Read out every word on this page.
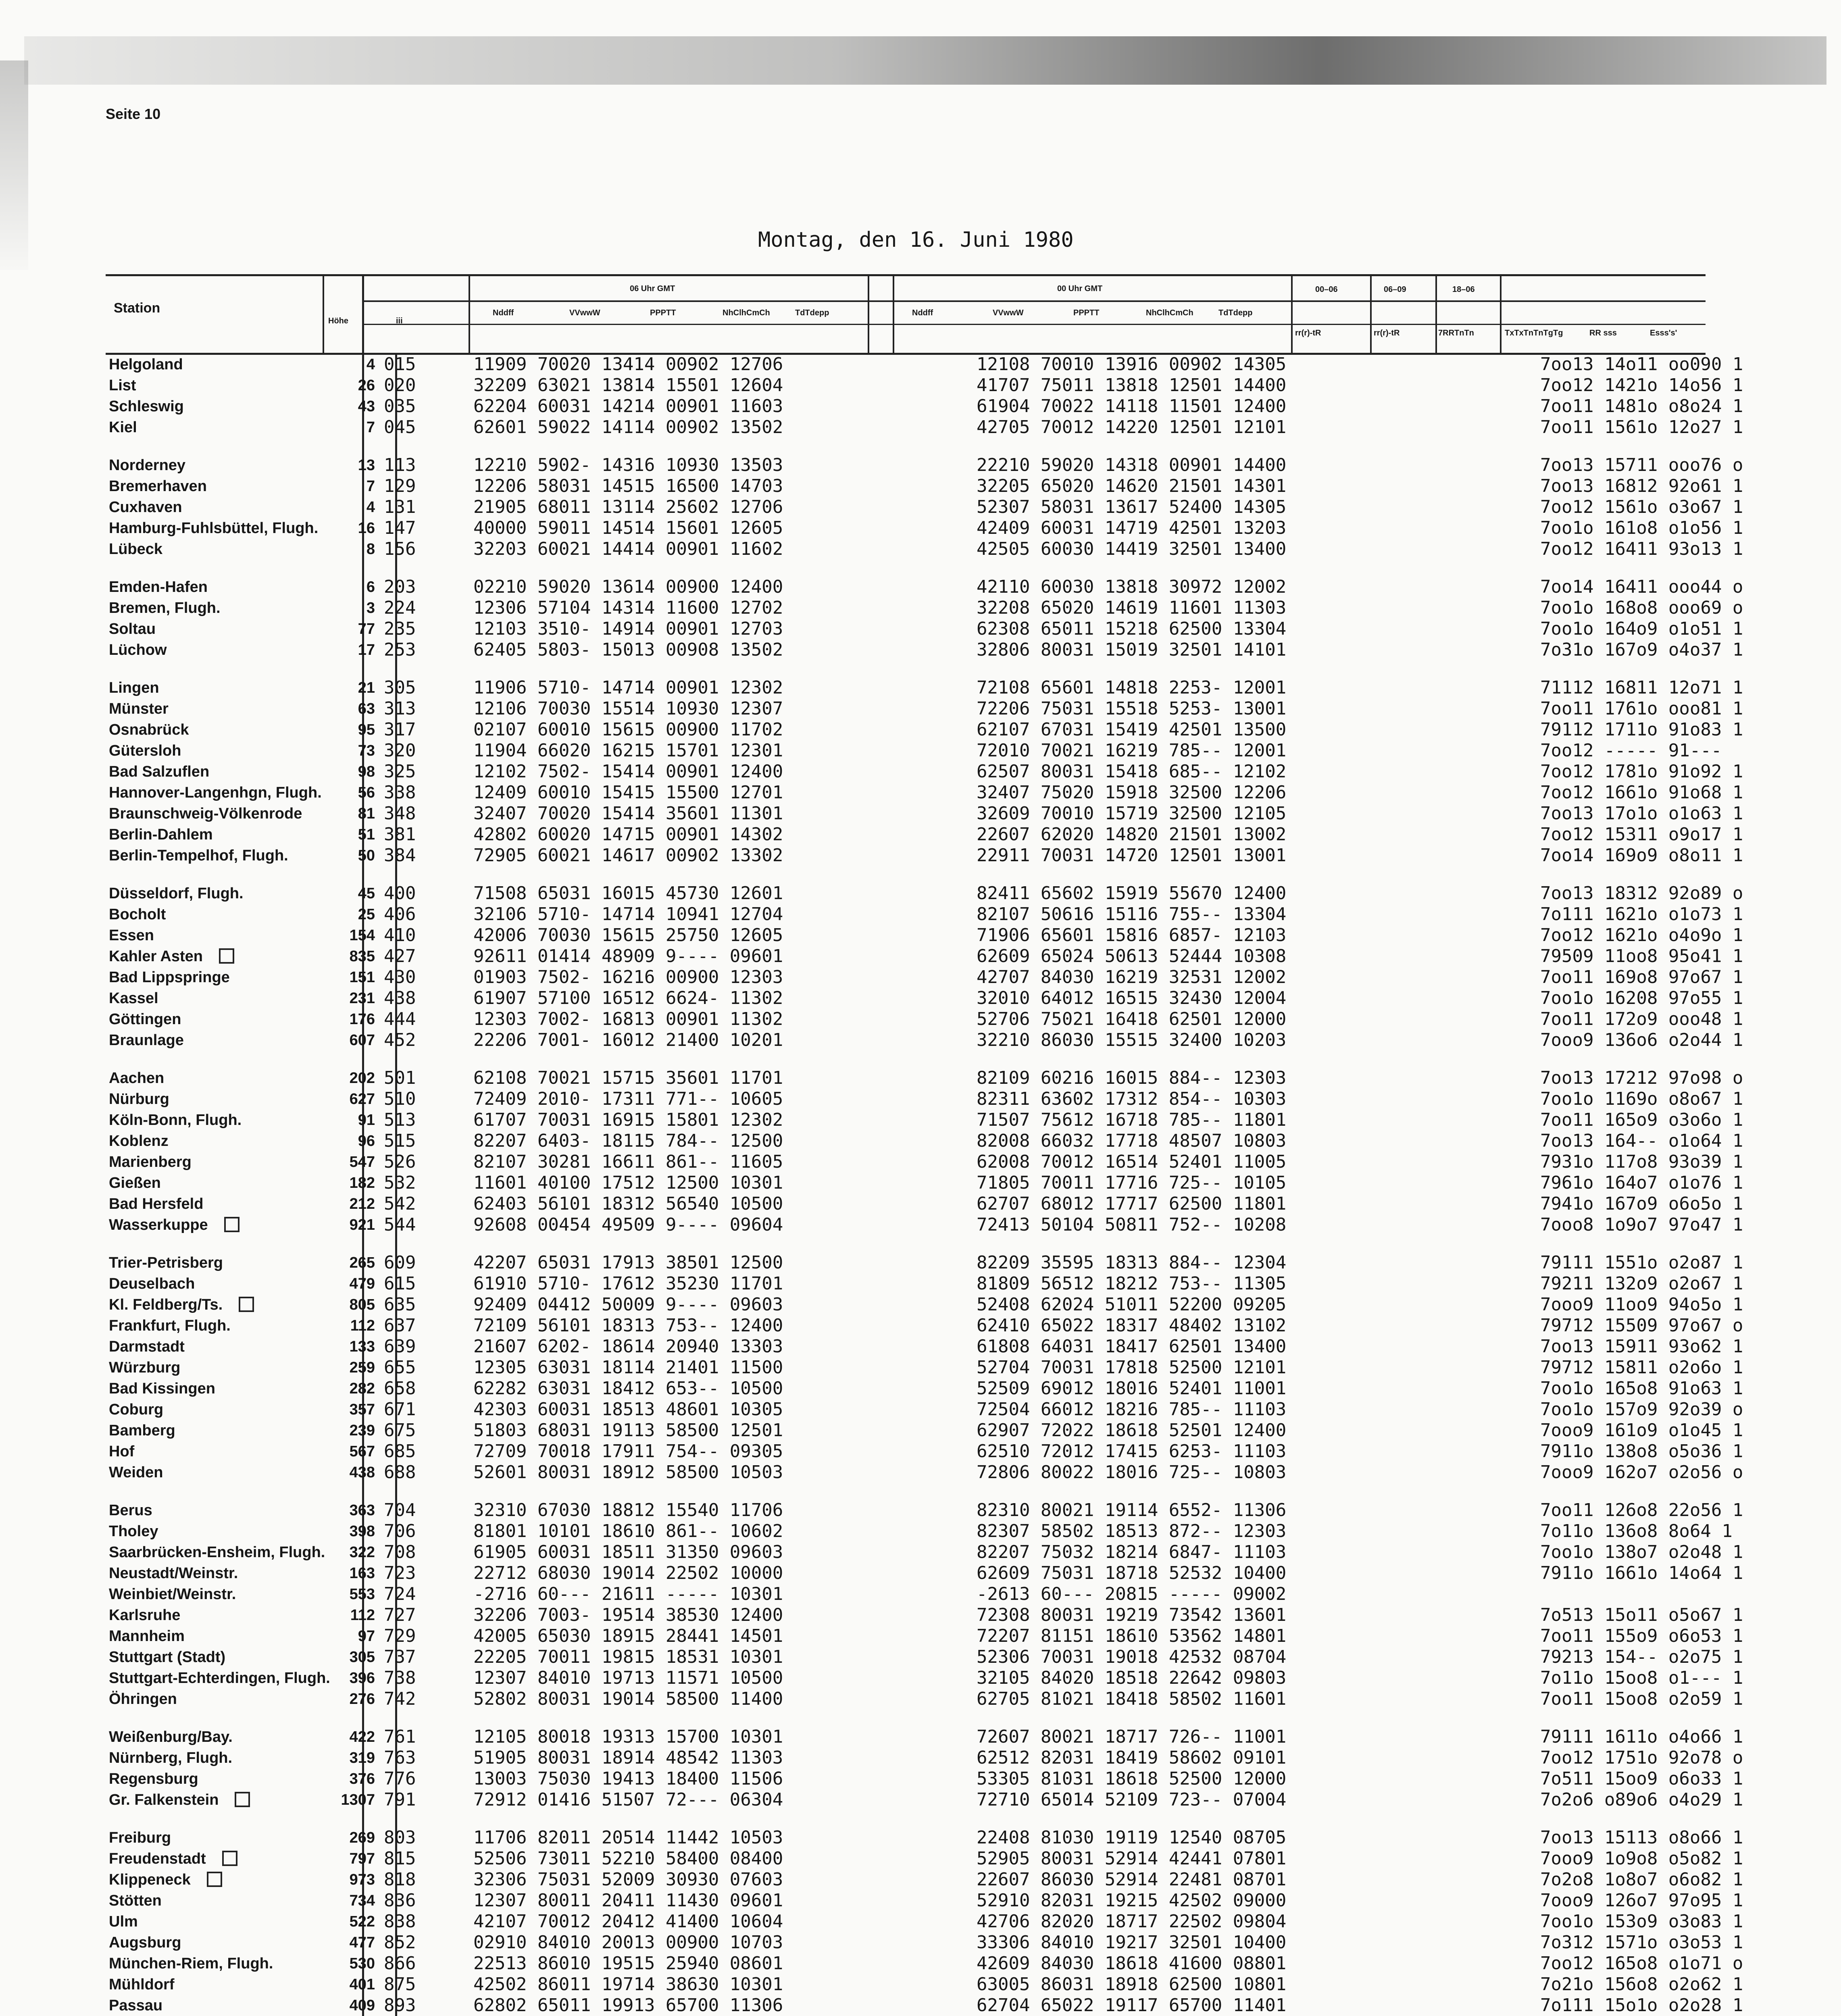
Seite 10
Montag, den 16. Juni 1980
Station
Höhe	iii
06 Uhr GMT	00 Uhr GMT
Nddff	VVwwW	PPPTT	NhClhCmCh	TdTdepp	Nddff	VVwwW	PPPTT	NhClhCmCh	TdTdepp
00–06	06–09	18–06
rr(r)-tR	rr(r)-tR	7RRTnTn	TxTxTnTnTgTg	RR sss	Esss's'
Helgoland	4 015	11909 70020 13414 00902 12706	12108 70010 13916 00902 14305	7oo13 14o11 oo090 1
List	26 020	32209 63021 13814 15501 12604	41707 75011 13818 12501 14400	7oo12 1421o 14o56 1
Schleswig	43 035	62204 60031 14214 00901 11603	61904 70022 14118 11501 12400	7oo11 1481o o8o24 1
Kiel	7 045	62601 59022 14114 00902 13502	42705 70012 14220 12501 12101	7oo11 1561o 12o27 1
Norderney	13 113	12210 5902- 14316 10930 13503	22210 59020 14318 00901 14400	7oo13 15711 ooo76 o
Bremerhaven	7 129	12206 58031 14515 16500 14703	32205 65020 14620 21501 14301	7oo13 16812 92o61 1
Cuxhaven	4 131	21905 68011 13114 25602 12706	52307 58031 13617 52400 14305	7oo12 1561o o3o67 1
Hamburg-Fuhlsbüttel, Flugh.	16 147	40000 59011 14514 15601 12605	42409 60031 14719 42501 13203	7oo1o 161o8 o1o56 1
Lübeck	8 156	32203 60021 14414 00901 11602	42505 60030 14419 32501 13400	7oo12 16411 93o13 1
Emden-Hafen	6 203	02210 59020 13614 00900 12400	42110 60030 13818 30972 12002	7oo14 16411 ooo44 o
Bremen, Flugh.	3 224	12306 57104 14314 11600 12702	32208 65020 14619 11601 11303	7oo1o 168o8 ooo69 o
Soltau	77 235	12103 3510- 14914 00901 12703	62308 65011 15218 62500 13304	7oo1o 164o9 o1o51 1
Lüchow	17 253	62405 5803- 15013 00908 13502	32806 80031 15019 32501 14101	7o31o 167o9 o4o37 1
Lingen	21 305	11906 5710- 14714 00901 12302	72108 65601 14818 2253- 12001	71112 16811 12o71 1
Münster	63 313	12106 70030 15514 10930 12307	72206 75031 15518 5253- 13001	7oo11 1761o ooo81 1
Osnabrück	95 317	02107 60010 15615 00900 11702	62107 67031 15419 42501 13500	79112 1711o 91o83 1
Gütersloh	73 320	11904 66020 16215 15701 12301	72010 70021 16219 785-- 12001	7oo12 ----- 91---
Bad Salzuflen	98 325	12102 7502- 15414 00901 12400	62507 80031 15418 685-- 12102	7oo12 1781o 91o92 1
Hannover-Langenhgn, Flugh.	56 338	12409 60010 15415 15500 12701	32407 75020 15918 32500 12206	7oo12 1661o 91o68 1
Braunschweig-Völkenrode	81 348	32407 70020 15414 35601 11301	32609 70010 15719 32500 12105	7oo13 17o1o o1o63 1
Berlin-Dahlem	51 381	42802 60020 14715 00901 14302	22607 62020 14820 21501 13002	7oo12 15311 o9o17 1
Berlin-Tempelhof, Flugh.	50 384	72905 60021 14617 00902 13302	22911 70031 14720 12501 13001	7oo14 169o9 o8o11 1
Düsseldorf, Flugh.	45 400	71508 65031 16015 45730 12601	82411 65602 15919 55670 12400	7oo13 18312 92o89 o
Bocholt	25 406	32106 5710- 14714 10941 12704	82107 50616 15116 755-- 13304	7o111 1621o o1o73 1
Essen	154 410	42006 70030 15615 25750 12605	71906 65601 15816 6857- 12103	7oo12 1621o o4o9o 1
Kahler Asten	835 427	92611 01414 48909 9---- 09601	62609 65024 50613 52444 10308	79509 11oo8 95o41 1
Bad Lippspringe	151 430	01903 7502- 16216 00900 12303	42707 84030 16219 32531 12002	7oo11 169o8 97o67 1
Kassel	231 438	61907 57100 16512 6624- 11302	32010 64012 16515 32430 12004	7oo1o 16208 97o55 1
Göttingen	176 444	12303 7002- 16813 00901 11302	52706 75021 16418 62501 12000	7oo11 172o9 ooo48 1
Braunlage	607 452	22206 7001- 16012 21400 10201	32210 86030 15515 32400 10203	7ooo9 136o6 o2o44 1
Aachen	202 501	62108 70021 15715 35601 11701	82109 60216 16015 884-- 12303	7oo13 17212 97o98 o
Nürburg	627 510	72409 2010- 17311 771-- 10605	82311 63602 17312 854-- 10303	7oo1o 1169o o8o67 1
Köln-Bonn, Flugh.	91 513	61707 70031 16915 15801 12302	71507 75612 16718 785-- 11801	7oo11 165o9 o3o6o 1
Koblenz	96 515	82207 6403- 18115 784-- 12500	82008 66032 17718 48507 10803	7oo13 164-- o1o64 1
Marienberg	547 526	82107 30281 16611 861-- 11605	62008 70012 16514 52401 11005	7931o 117o8 93o39 1
Gießen	182 532	11601 40100 17512 12500 10301	71805 70011 17716 725-- 10105	7961o 164o7 o1o76 1
Bad Hersfeld	212 542	62403 56101 18312 56540 10500	62707 68012 17717 62500 11801	7941o 167o9 o6o5o 1
Wasserkuppe	921 544	92608 00454 49509 9---- 09604	72413 50104 50811 752-- 10208	7ooo8 1o9o7 97o47 1
Trier-Petrisberg	265 609	42207 65031 17913 38501 12500	82209 35595 18313 884-- 12304	79111 1551o o2o87 1
Deuselbach	479 615	61910 5710- 17612 35230 11701	81809 56512 18212 753-- 11305	79211 132o9 o2o67 1
Kl. Feldberg/Ts.	805 635	92409 04412 50009 9---- 09603	52408 62024 51011 52200 09205	7ooo9 11oo9 94o5o 1
Frankfurt, Flugh.	112 637	72109 56101 18313 753-- 12400	62410 65022 18317 48402 13102	79712 15509 97o67 o
Darmstadt	133 639	21607 6202- 18614 20940 13303	61808 64031 18417 62501 13400	7oo13 15911 93o62 1
Würzburg	259 655	12305 63031 18114 21401 11500	52704 70031 17818 52500 12101	79712 15811 o2o6o 1
Bad Kissingen	282 658	62282 63031 18412 653-- 10500	52509 69012 18016 52401 11001	7oo1o 165o8 91o63 1
Coburg	357 671	42303 60031 18513 48601 10305	72504 66012 18216 785-- 11103	7oo1o 157o9 92o39 o
Bamberg	239 675	51803 68031 19113 58500 12501	62907 72022 18618 52501 12400	7ooo9 161o9 o1o45 1
Hof	567 685	72709 70018 17911 754-- 09305	62510 72012 17415 6253- 11103	7911o 138o8 o5o36 1
Weiden	438 688	52601 80031 18912 58500 10503	72806 80022 18016 725-- 10803	7ooo9 162o7 o2o56 o
Berus	363 704	32310 67030 18812 15540 11706	82310 80021 19114 6552- 11306	7oo11 126o8 22o56 1
Tholey	398 706	81801 10101 18610 861-- 10602	82307 58502 18513 872-- 12303	7o11o 136o8 8o64 1
Saarbrücken-Ensheim, Flugh.	322 708	61905 60031 18511 31350 09603	82207 75032 18214 6847- 11103	7oo1o 138o7 o2o48 1
Neustadt/Weinstr.	163 723	22712 68030 19014 22502 10000	62609 75031 18718 52532 10400	7911o 1661o 14o64 1
Weinbiet/Weinstr.	553 724	-2716 60--- 21611 ----- 10301	-2613 60--- 20815 ----- 09002
Karlsruhe	112 727	32206 7003- 19514 38530 12400	72308 80031 19219 73542 13601	7o513 15o11 o5o67 1
Mannheim	97 729	42005 65030 18915 28441 14501	72207 81151 18610 53562 14801	7oo11 155o9 o6o53 1
Stuttgart (Stadt)	305 737	22205 70011 19815 18531 10301	52306 70031 19018 42532 08704	79213 154-- o2o75 1
Stuttgart-Echterdingen, Flugh.	396 738	12307 84010 19713 11571 10500	32105 84020 18518 22642 09803	7o11o 15oo8 o1--- 1
Öhringen	276 742	52802 80031 19014 58500 11400	62705 81021 18418 58502 11601	7oo11 15oo8 o2o59 1
Weißenburg/Bay.	422 761	12105 80018 19313 15700 10301	72607 80021 18717 726-- 11001	79111 1611o o4o66 1
Nürnberg, Flugh.	319 763	51905 80031 18914 48542 11303	62512 82031 18419 58602 09101	7oo12 1751o 92o78 o
Regensburg	376 776	13003 75030 19413 18400 11506	53305 81031 18618 52500 12000	7o511 15oo9 o6o33 1
Gr. Falkenstein	1307 791	72912 01416 51507 72--- 06304	72710 65014 52109 723-- 07004	7o2o6 o89o6 o4o29 1
Freiburg	269 803	11706 82011 20514 11442 10503	22408 81030 19119 12540 08705	7oo13 15113 o8o66 1
Freudenstadt	797 815	52506 73011 52210 58400 08400	52905 80031 52914 42441 07801	7ooo9 1o9o8 o5o82 1
Klippeneck	973 818	32306 75031 52009 30930 07603	22607 86030 52914 22481 08701	7o2o8 1o8o7 o6o82 1
Stötten	734 836	12307 80011 20411 11430 09601	52910 82031 19215 42502 09000	7ooo9 126o7 97o95 1
Ulm	522 838	42107 70012 20412 41400 10604	42706 82020 18717 22502 09804	7oo1o 153o9 o3o83 1
Augsburg	477 852	02910 84010 20013 00900 10703	33306 84010 19217 32501 10400	7o312 1571o o3o53 1
München-Riem, Flugh.	530 866	22513 86010 19515 25940 08601	42609 84030 18618 41600 08801	7oo12 165o8 o1o71 o
Mühldorf	401 875	42502 86011 19714 38630 10301	63005 86031 18918 62500 10801	7o21o 156o8 o2o62 1
Passau	409 893	62802 65011 19913 65700 11306	62704 65022 19117 65700 11401	7o111 15o1o o2o28 1
